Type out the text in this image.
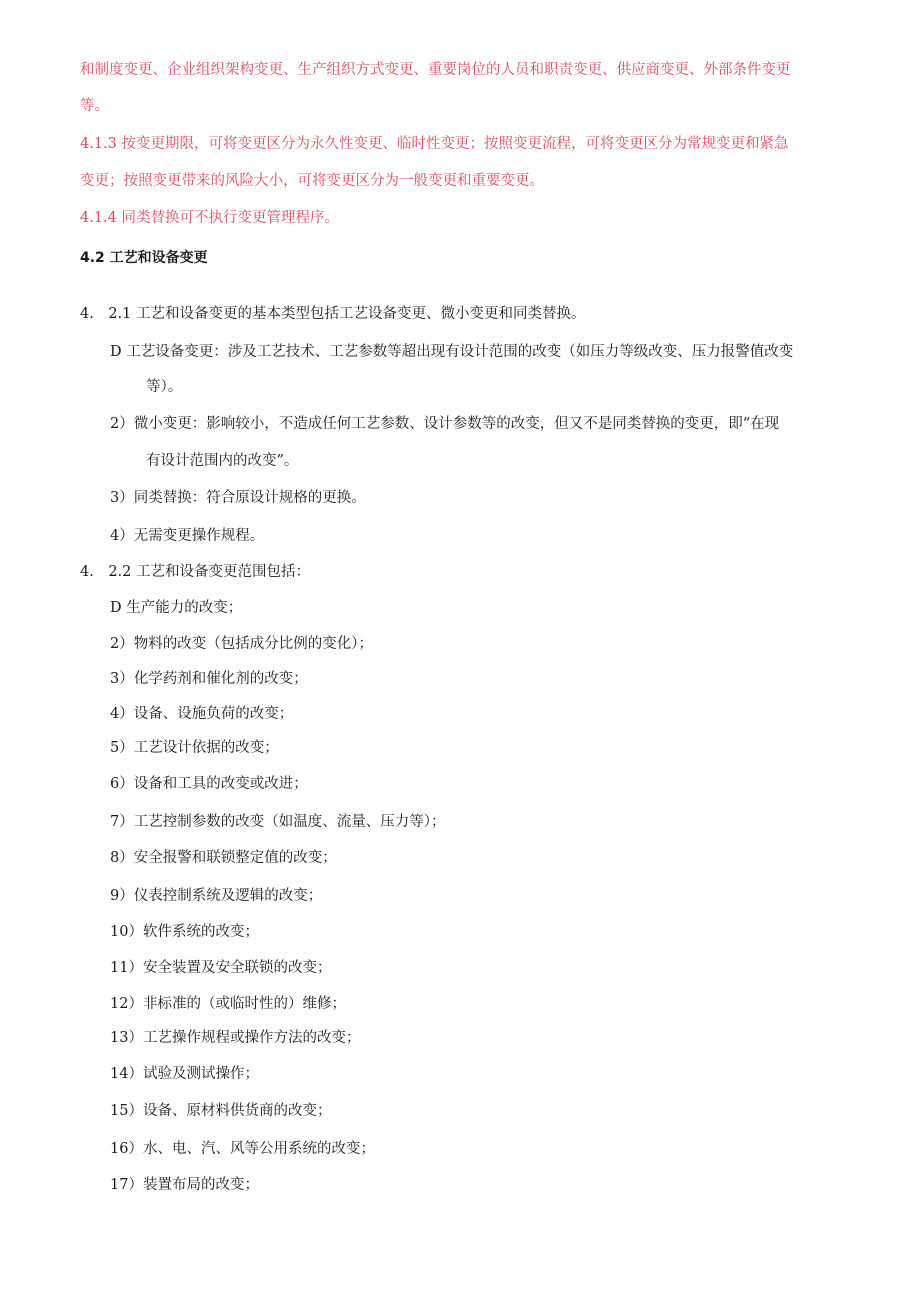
和制度变更、企业组织架构变更、生产组织方式变更、重要岗位的人员和职责变更、供应商变更、外部条件变更
等。
4.1.3 按变更期限，可将变更区分为永久性变更、临时性变更；按照变更流程，可将变更区分为常规变更和紧急
变更；按照变更带来的风险大小，可将变更区分为一般变更和重要变更。
4.1.4 同类替换可不执行变更管理程序。
4.2 工艺和设备变更
4.　2.1 工艺和设备变更的基本类型包括工艺设备变更、微小变更和同类替换。
D 工艺设备变更：涉及工艺技术、工艺参数等超出现有设计范围的改变（如压力等级改变、压力报警值改变
等）。
2）微小变更：影响较小，不造成任何工艺参数、设计参数等的改变，但又不是同类替换的变更，即“在现
有设计范围内的改变”。
3）同类替换：符合原设计规格的更换。
4）无需变更操作规程。
4.　2.2 工艺和设备变更范围包括：
D 生产能力的改变；
2）物料的改变（包括成分比例的变化）；
3）化学药剂和催化剂的改变；
4）设备、设施负荷的改变；
5）工艺设计依据的改变；
6）设备和工具的改变或改进；
7）工艺控制参数的改变（如温度、流量、压力等）；
8）安全报警和联锁整定值的改变；
9）仪表控制系统及逻辑的改变；
10）软件系统的改变；
11）安全装置及安全联锁的改变；
12）非标准的（或临时性的）维修；
13）工艺操作规程或操作方法的改变；
14）试验及测试操作；
15）设备、原材料供货商的改变；
16）水、电、汽、风等公用系统的改变；
17）装置布局的改变；
